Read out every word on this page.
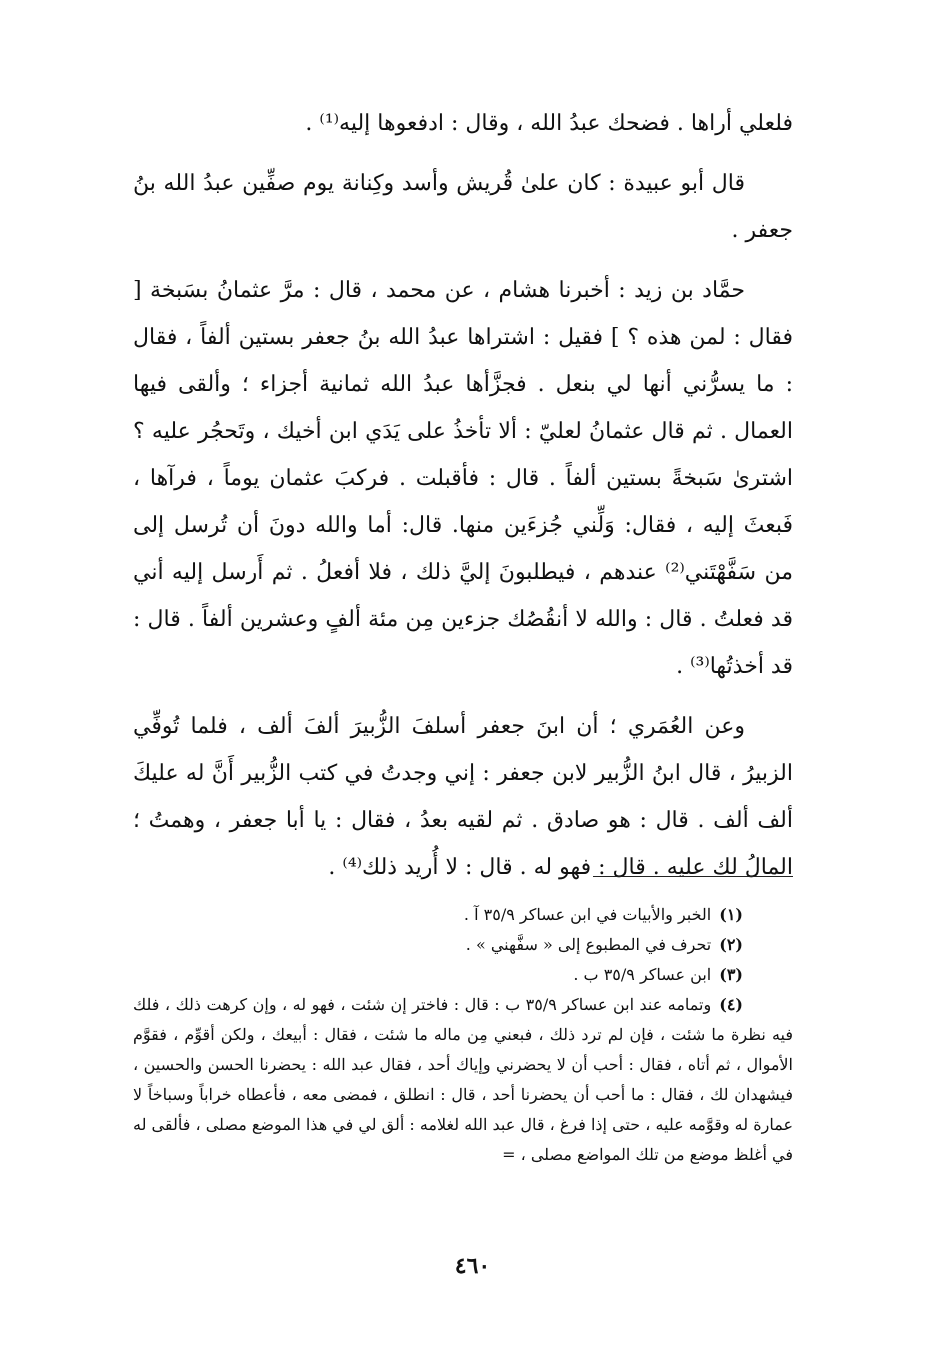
فلعلي أراها . فضحك عبدُ الله ، وقال : ادفعوها إليه⁽¹⁾ .

قال أبو عبيدة : كان علىٰ قُريش وأسد وكِنانة يوم صفِّين عبدُ الله بنُ جعفر .

حمَّاد بن زيد : أخبرنا هشام ، عن محمد ، قال : مرَّ عثمانُ بسَبخة [ فقال : لمن هذه ؟ ] فقيل : اشتراها عبدُ الله بنُ جعفر بستين ألفاً ، فقال : ما يسرُّني أنها لي بنعل . فجزَّأها عبدُ الله ثمانية أجزاء ؛ وألقى فيها العمال . ثم قال عثمانُ لعليّ : ألا تأخذُ على يَدَي ابن أخيك ، وتَحجُر عليه ؟ اشترىٰ سَبخةً بستين ألفاً . قال : فأقبلت . فركبَ عثمان يوماً ، فرآها ، فَبعثَ إليه ، فقال: وَلِّني جُزءَين منها. قال: أما والله دونَ أن تُرسل إلى من سَفَّهْتَني⁽²⁾ عندهم ، فيطلبونَ إليَّ ذلك ، فلا أفعلُ . ثم أَرسل إليه أني قد فعلتُ . قال : والله لا أنقُصُك جزءين مِن مئة ألفٍ وعشرين ألفاً . قال : قد أخذتُها⁽³⁾ .

وعن العُمَري ؛ أن ابنَ جعفر أسلفَ الزُّبيرَ ألفَ ألف ، فلما تُوفِّي الزبيرُ ، قال ابنُ الزُّبير لابن جعفر : إني وجدتُ في كتب الزُّبير أَنَّ له عليكَ ألف ألف . قال : هو صادق . ثم لقيه بعدُ ، فقال : يا أبا جعفر ، وهمتُ ؛ المالُ لك عليه . قال : فهو له . قال : لا أُريد ذلك⁽⁴⁾ .

(١)الخبر والأبيات في ابن عساكر ٣٥/٩ آ .

(٢)تحرف في المطبوع إلى « سفَّهني » .

(٣)ابن عساكر ٣٥/٩ ب .

(٤)وتمامه عند ابن عساكر ٣٥/٩ ب : قال : فاختر إن شئت ، فهو له ، وإن كرهت ذلك ، فلك فيه نظرة ما شئت ، فإن لم ترد ذلك ، فبعني مِن ماله ما شئت ، فقال : أبيعك ، ولكن أقوِّم ، فقوَّم الأموال ، ثم أتاه ، فقال : أحب أن لا يحضرني وإياك أحد ، فقال عبد الله : يحضرنا الحسن والحسين ، فيشهدان لك ، فقال : ما أحب أن يحضرنا أحد ، قال : انطلق ، فمضى معه ، فأعطاه خراباً وسباخاً لا عمارة له وقوَّمه عليه ، حتى إذا فرغ ، قال عبد الله لغلامه : ألق لي في هذا الموضع مصلى ، فألقى له في أغلظ موضع من تلك المواضع مصلى ، =

٤٦٠
